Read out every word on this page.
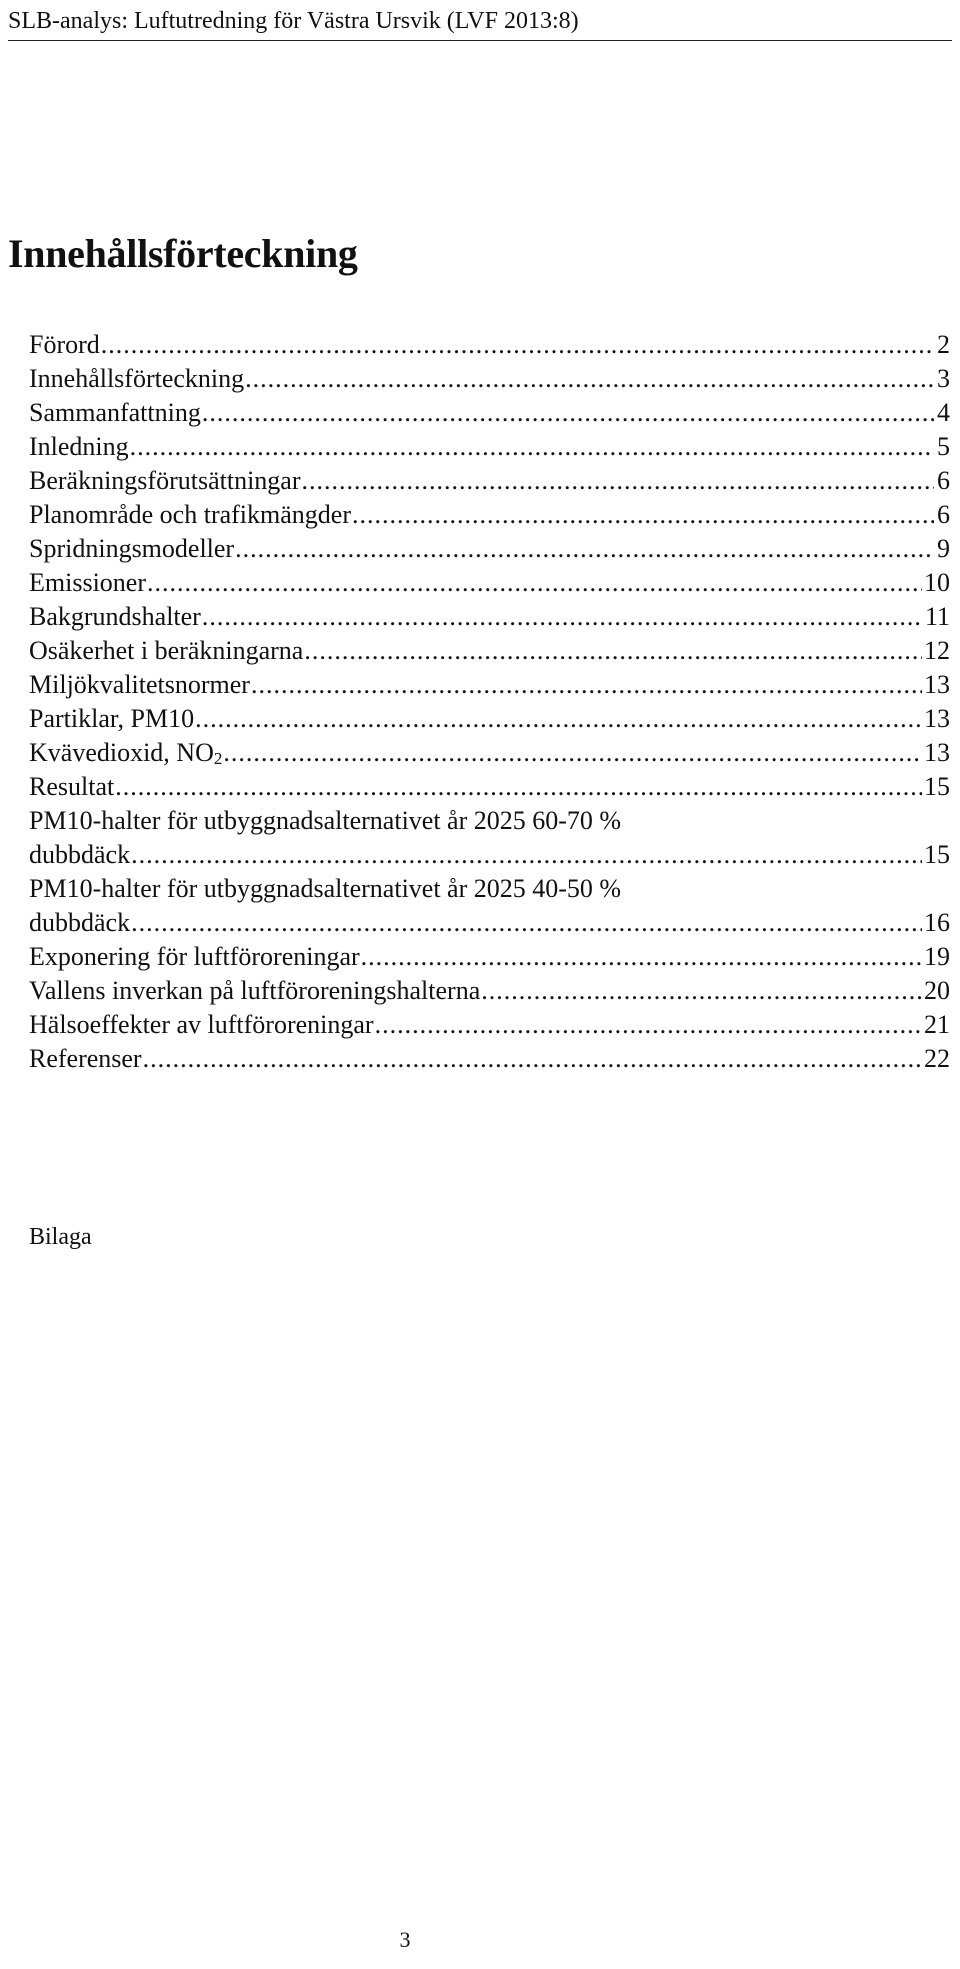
SLB-analys: Luftutredning för Västra Ursvik (LVF 2013:8)
Innehållsförteckning
Förord .....	2
Innehållsförteckning .....	3
Sammanfattning .....	4
Inledning .....	5
Beräkningsförutsättningar .....	6
Planområde och trafikmängder .....	6
Spridningsmodeller .....	9
Emissioner .....	10
Bakgrundshalter .....	11
Osäkerhet i beräkningarna .....	12
Miljökvalitetsnormer .....	13
Partiklar, PM10 .....	13
Kvävedioxid, NO2 .....	13
Resultat .....	15
PM10-halter för utbyggnadsalternativet år 2025 60-70 %
dubbdäck .....	15
PM10-halter för utbyggnadsalternativet år 2025 40-50 %
dubbdäck .....	16
Exponering för luftföroreningar .....	19
Vallens inverkan på luftföroreningshalterna .....	20
Hälsoeffekter av luftföroreningar .....	21
Referenser .....	22
Bilaga
3
